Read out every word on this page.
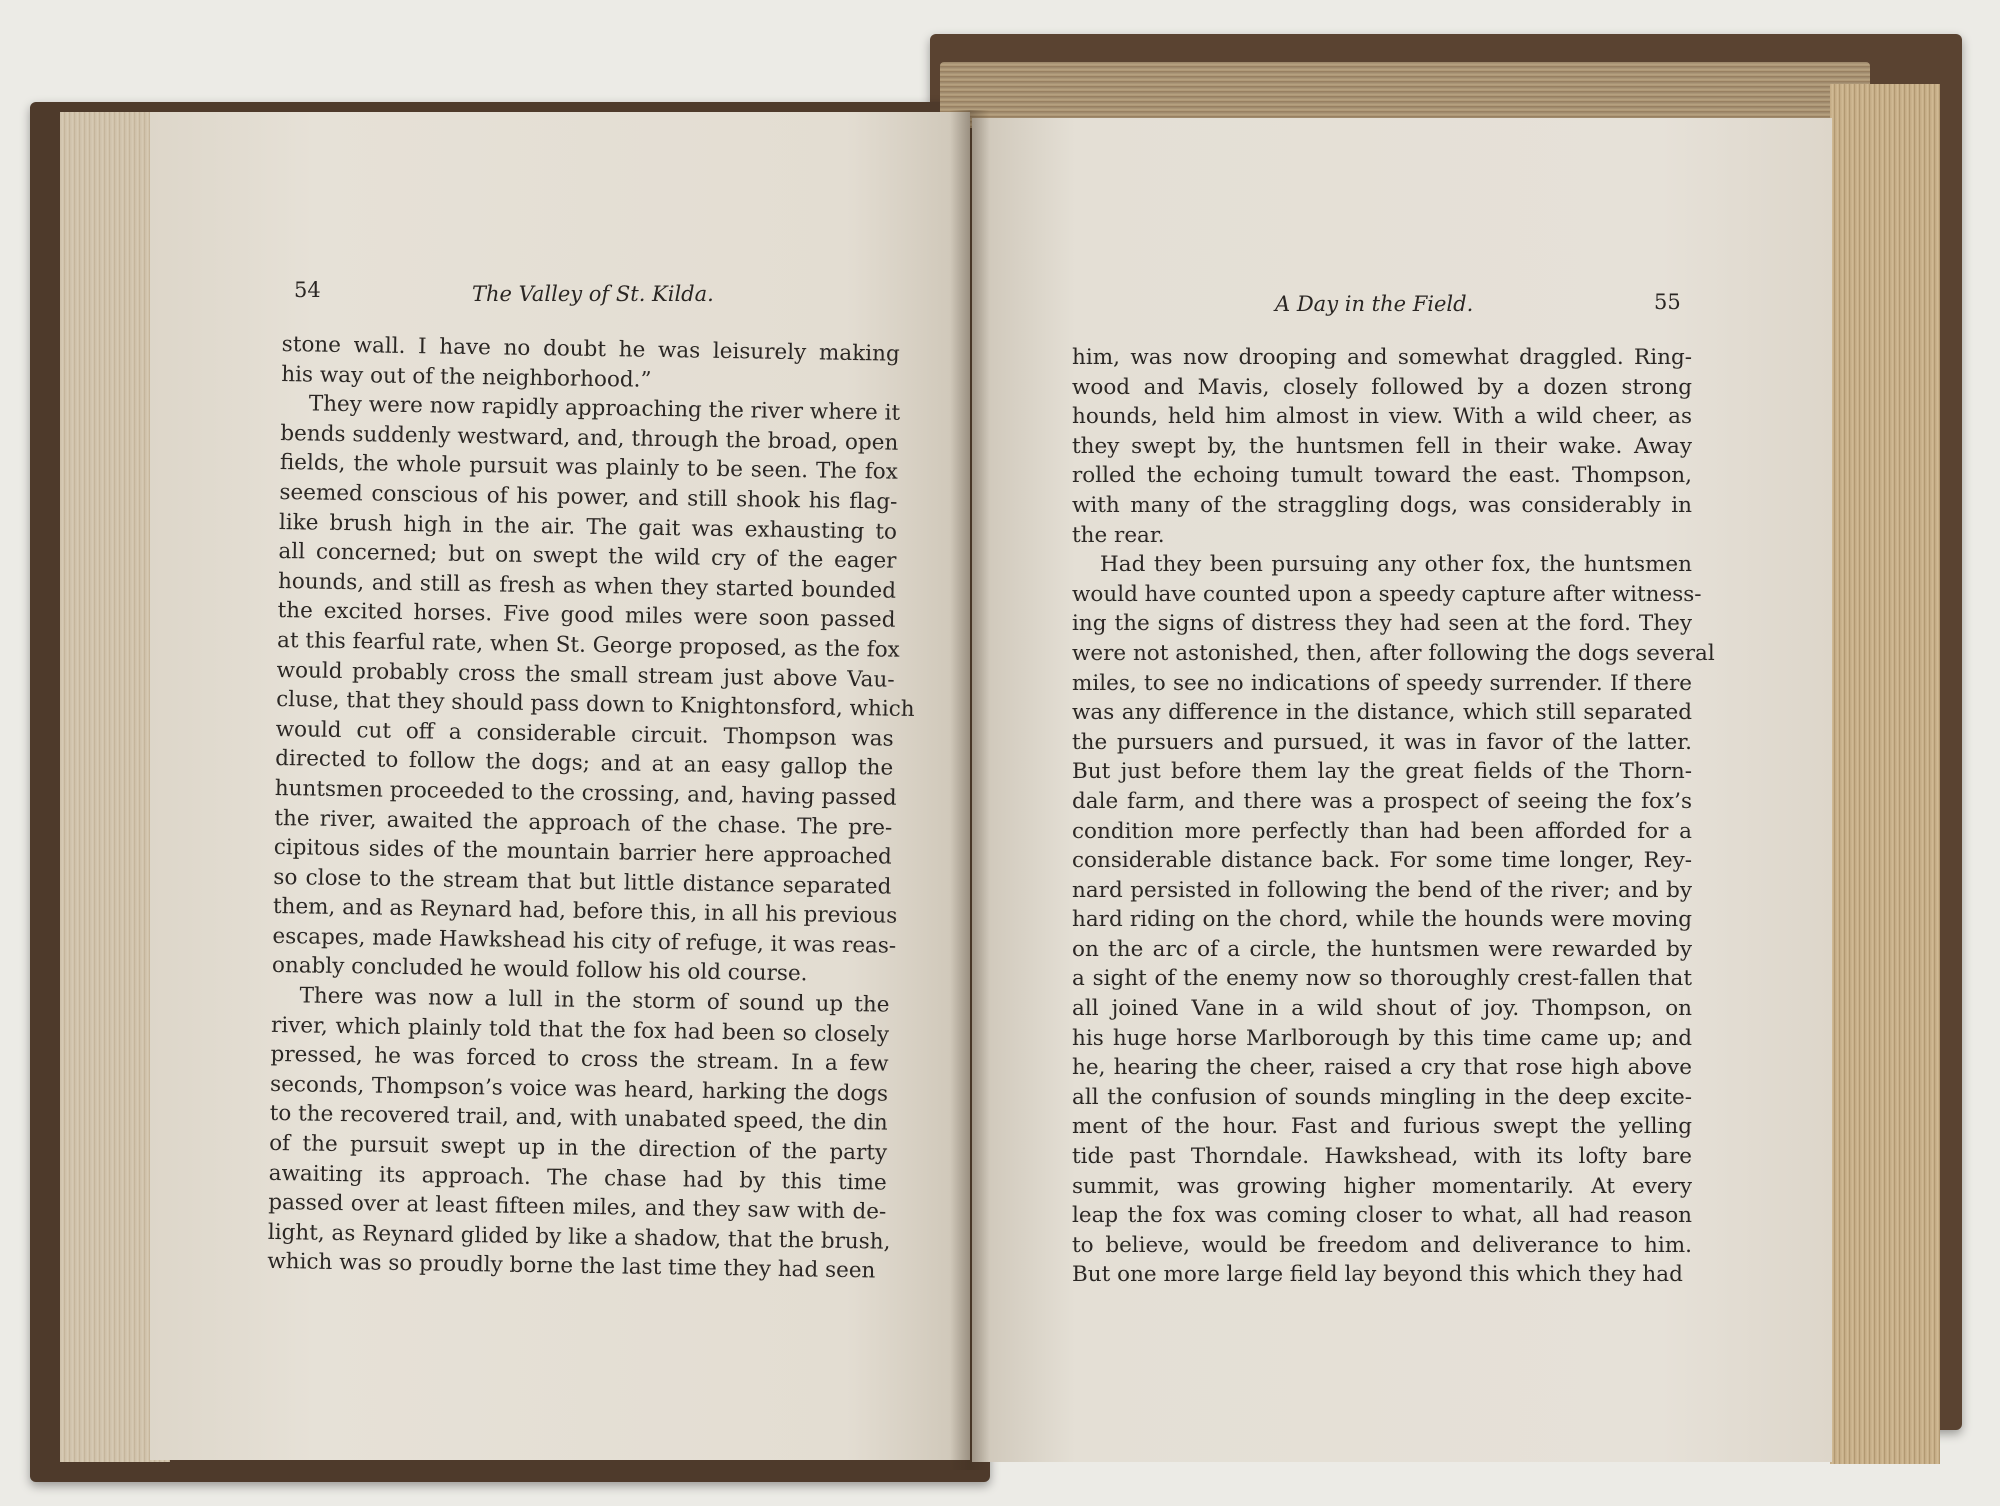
54	The Valley of St. Kilda.	A Day in the Field.	55
stone wall. I have no doubt he was leisurely making
his way out of the neighborhood.”
They were now rapidly approaching the river where it
bends suddenly westward, and, through the broad, open
fields, the whole pursuit was plainly to be seen. The fox
seemed conscious of his power, and still shook his flag-
like brush high in the air. The gait was exhausting to
all concerned; but on swept the wild cry of the eager
hounds, and still as fresh as when they started bounded
the excited horses. Five good miles were soon passed
at this fearful rate, when St. George proposed, as the fox
would probably cross the small stream just above Vau-
cluse, that they should pass down to Knightonsford, which
would cut off a considerable circuit. Thompson was
directed to follow the dogs; and at an easy gallop the
huntsmen proceeded to the crossing, and, having passed
the river, awaited the approach of the chase. The pre-
cipitous sides of the mountain barrier here approached
so close to the stream that but little distance separated
them, and as Reynard had, before this, in all his previous
escapes, made Hawkshead his city of refuge, it was reas-
onably concluded he would follow his old course.
There was now a lull in the storm of sound up the
river, which plainly told that the fox had been so closely
pressed, he was forced to cross the stream. In a few
seconds, Thompson’s voice was heard, harking the dogs
to the recovered trail, and, with unabated speed, the din
of the pursuit swept up in the direction of the party
awaiting its approach. The chase had by this time
passed over at least fifteen miles, and they saw with de-
light, as Reynard glided by like a shadow, that the brush,
which was so proudly borne the last time they had seen
him, was now drooping and somewhat draggled. Ring-
wood and Mavis, closely followed by a dozen strong
hounds, held him almost in view. With a wild cheer, as
they swept by, the huntsmen fell in their wake. Away
rolled the echoing tumult toward the east. Thompson,
with many of the straggling dogs, was considerably in
the rear.
Had they been pursuing any other fox, the huntsmen
would have counted upon a speedy capture after witness-
ing the signs of distress they had seen at the ford. They
were not astonished, then, after following the dogs several
miles, to see no indications of speedy surrender. If there
was any difference in the distance, which still separated
the pursuers and pursued, it was in favor of the latter.
But just before them lay the great fields of the Thorn-
dale farm, and there was a prospect of seeing the fox’s
condition more perfectly than had been afforded for a
considerable distance back. For some time longer, Rey-
nard persisted in following the bend of the river; and by
hard riding on the chord, while the hounds were moving
on the arc of a circle, the huntsmen were rewarded by
a sight of the enemy now so thoroughly crest-fallen that
all joined Vane in a wild shout of joy. Thompson, on
his huge horse Marlborough by this time came up; and
he, hearing the cheer, raised a cry that rose high above
all the confusion of sounds mingling in the deep excite-
ment of the hour. Fast and furious swept the yelling
tide past Thorndale. Hawkshead, with its lofty bare
summit, was growing higher momentarily. At every
leap the fox was coming closer to what, all had reason
to believe, would be freedom and deliverance to him.
But one more large field lay beyond this which they had
